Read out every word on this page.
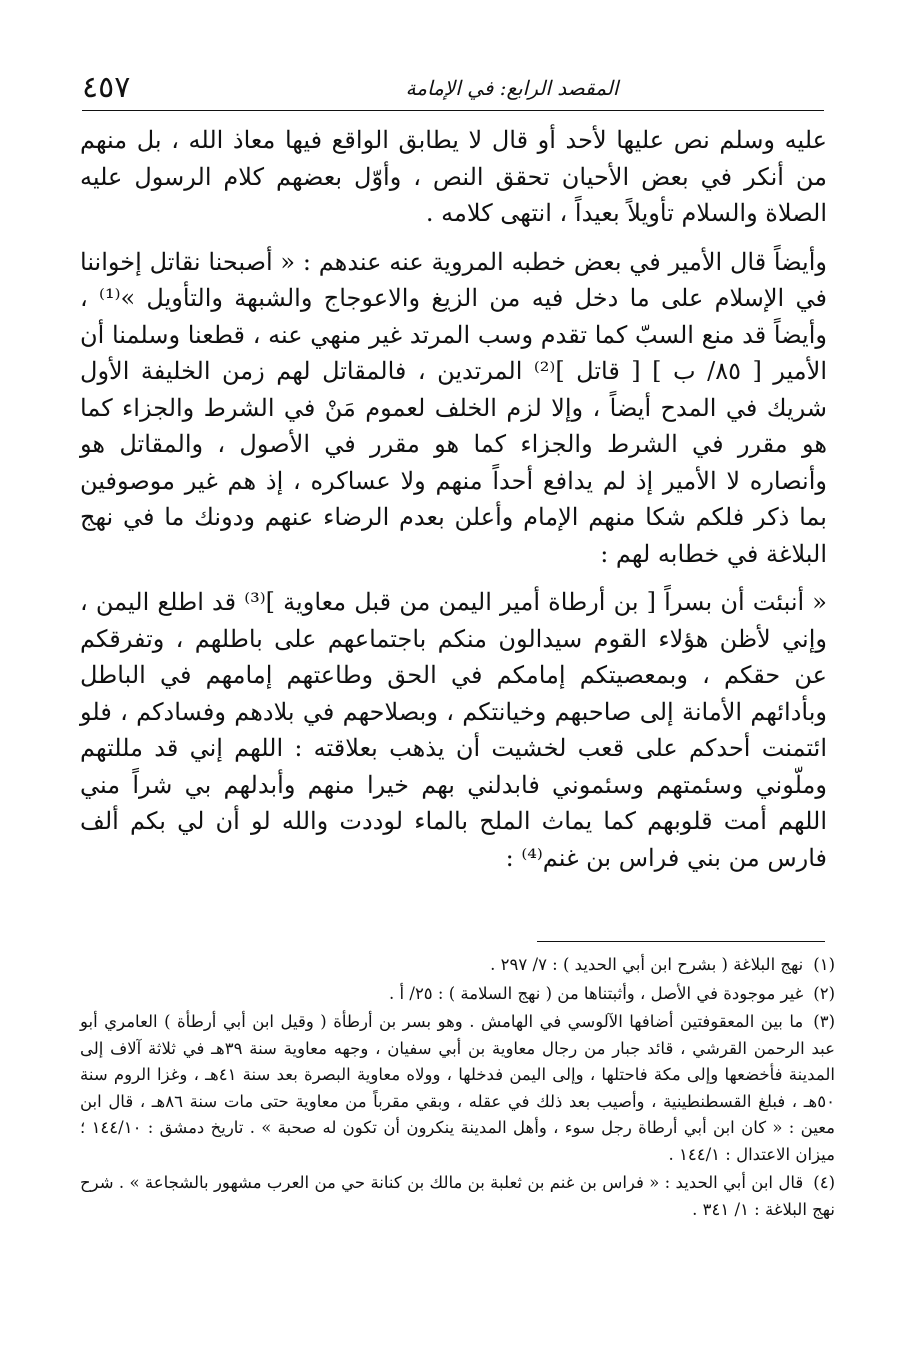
٤٥٧	المقصد الرابع: في الإمامة

عليه وسلم نص عليها لأحد أو قال لا يطابق الواقع فيها معاذ الله ، بل منهم من أنكر في بعض الأحيان تحقق النص ، وأوّل بعضهم كلام الرسول عليه الصلاة والسلام تأويلاً بعيداً ، انتهى كلامه .

وأيضاً قال الأمير في بعض خطبه المروية عنه عندهم : « أصبحنا نقاتل إخواننا في الإسلام على ما دخل فيه من الزيغ والاعوجاج والشبهة والتأويل »⁽¹⁾ ، وأيضاً قد منع السبّ كما تقدم وسب المرتد غير منهي عنه ، قطعنا وسلمنا أن الأمير [ ٨٥/ ب ] [ قاتل ]⁽²⁾ المرتدين ، فالمقاتل لهم زمن الخليفة الأول شريك في المدح أيضاً ، وإلا لزم الخلف لعموم مَنْ في الشرط والجزاء كما هو مقرر في الشرط والجزاء كما هو مقرر في الأصول ، والمقاتل هو وأنصاره لا الأمير إذ لم يدافع أحداً منهم ولا عساكره ، إذ هم غير موصوفين بما ذكر فلكم شكا منهم الإمام وأعلن بعدم الرضاء عنهم ودونك ما في نهج البلاغة في خطابه لهم :

« أنبئت أن بسراً [ بن أرطاة أمير اليمن من قبل معاوية ]⁽³⁾ قد اطلع اليمن ، وإني لأظن هؤلاء القوم سيدالون منكم باجتماعهم على باطلهم ، وتفرقكم عن حقكم ، وبمعصيتكم إمامكم في الحق وطاعتهم إمامهم في الباطل وبأدائهم الأمانة إلى صاحبهم وخيانتكم ، وبصلاحهم في بلادهم وفسادكم ، فلو ائتمنت أحدكم على قعب لخشيت أن يذهب بعلاقته : اللهم إني قد مللتهم وملّوني وسئمتهم وسئموني فابدلني بهم خيرا منهم وأبدلهم بي شراً مني اللهم أمت قلوبهم كما يماث الملح بالماء لوددت والله لو أن لي بكم ألف فارس من بني فراس بن غنم⁽⁴⁾ :

(١)نهج البلاغة ( بشرح ابن أبي الحديد ) : ٧/ ٢٩٧ .

(٢)غير موجودة في الأصل ، وأثبتناها من ( نهج السلامة ) : ٢٥/ أ .

(٣)ما بين المعقوفتين أضافها الآلوسي في الهامش . وهو بسر بن أرطأة ( وقيل ابن أبي أرطأة ) العامري أبو عبد الرحمن القرشي ، قائد جبار من رجال معاوية بن أبي سفيان ، وجهه معاوية سنة ٣٩هـ في ثلاثة آلاف إلى المدينة فأخضعها وإلى مكة فاحتلها ، وإلى اليمن فدخلها ، وولاه معاوية البصرة بعد سنة ٤١هـ ، وغزا الروم سنة ٥٠هـ ، فبلغ القسطنطينية ، وأصيب بعد ذلك في عقله ، وبقي مقرباً من معاوية حتى مات سنة ٨٦هـ ، قال ابن معين : « كان ابن أبي أرطاة رجل سوء ، وأهل المدينة ينكرون أن تكون له صحبة » . تاريخ دمشق : ١٤٤/١٠ ؛ ميزان الاعتدال : ١٤٤/١ .

(٤)قال ابن أبي الحديد : « فراس بن غنم بن ثعلبة بن مالك بن كنانة حي من العرب مشهور بالشجاعة » . شرح نهج البلاغة : ١/ ٣٤١ .
